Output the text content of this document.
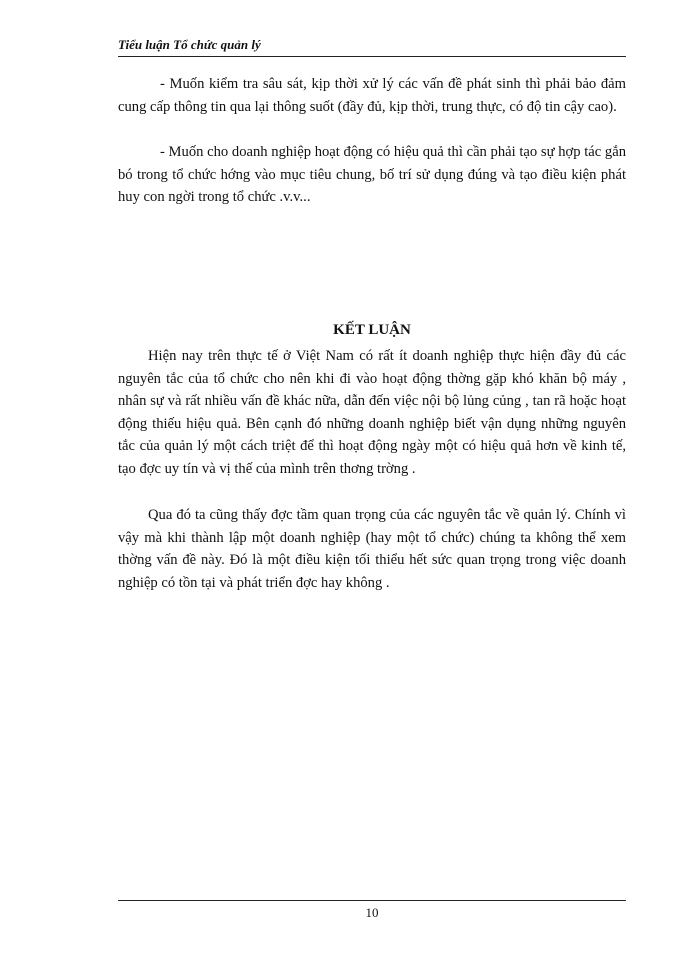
Tiểu luận Tổ chức quản lý

- Muốn kiểm tra sâu sát, kịp thời xử lý các vấn đề phát sinh thì phải bảo đảm cung cấp thông tin qua lại thông suốt (đầy đủ, kịp thời, trung thực, có độ tin cậy cao).

- Muốn cho doanh nghiệp hoạt động có hiệu quả thì cần phải tạo sự hợp tác gắn bó trong tổ chức hớng vào mục tiêu chung, bố trí sử dụng đúng và tạo điều kiện phát huy con ngời trong tổ chức .v.v...

KẾT LUẬN

Hiện nay trên thực tế ở Việt Nam có rất ít doanh nghiệp thực hiện đầy đủ các nguyên tắc của tổ chức cho nên khi đi vào hoạt động thờng gặp khó khăn bộ máy , nhân sự và rất nhiều vấn đề khác nữa, dẫn đến việc nội bộ lủng củng , tan rã hoặc hoạt động thiếu hiệu quả. Bên cạnh đó những doanh nghiệp biết vận dụng những nguyên tắc của quản lý một cách triệt để thì hoạt động ngày một có hiệu quả hơn về kinh tế, tạo đợc uy tín và vị thế của mình trên thơng trờng .

Qua đó ta cũng thấy đợc tầm quan trọng của các nguyên tắc về quản lý. Chính vì vậy mà khi thành lập một doanh nghiệp (hay một tổ chức) chúng ta không thể xem thờng vấn đề này. Đó là một điều kiện tối thiểu hết sức quan trọng trong việc doanh nghiệp có tồn tại và phát triển đợc hay không .

10
